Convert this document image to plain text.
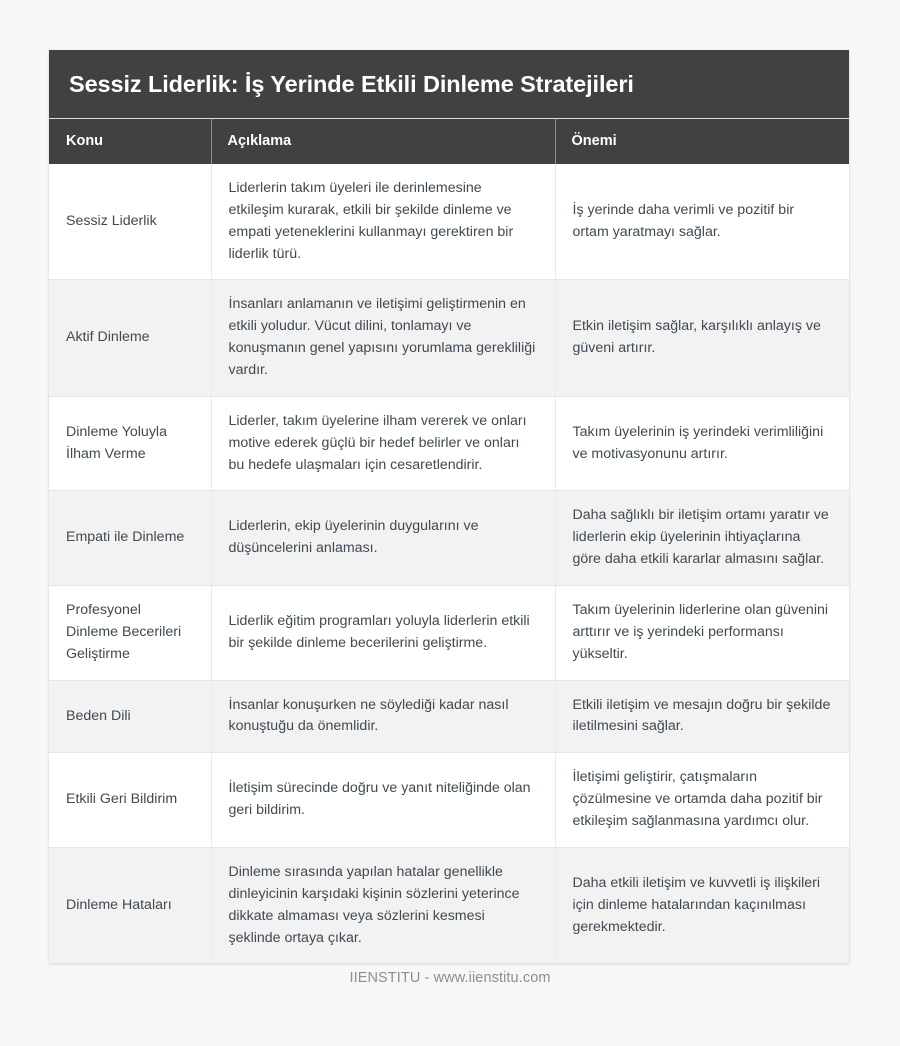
Sessiz Liderlik: İş Yerinde Etkili Dinleme Stratejileri
Konu	Açıklama	Önemi
Sessiz Liderlik	Liderlerin takım üyeleri ile derinlemesine etkileşim kurarak, etkili bir şekilde dinleme ve empati yeteneklerini kullanmayı gerektiren bir liderlik türü.	İş yerinde daha verimli ve pozitif bir ortam yaratmayı sağlar.
Aktif Dinleme	İnsanları anlamanın ve iletişimi geliştirmenin en etkili yoludur. Vücut dilini, tonlamayı ve konuşmanın genel yapısını yorumlama gerekliliği vardır.	Etkin iletişim sağlar, karşılıklı anlayış ve güveni artırır.
Dinleme Yoluyla İlham Verme	Liderler, takım üyelerine ilham vererek ve onları motive ederek güçlü bir hedef belirler ve onları bu hedefe ulaşmaları için cesaretlendirir.	Takım üyelerinin iş yerindeki verimliliğini ve motivasyonunu artırır.
Empati ile Dinleme	Liderlerin, ekip üyelerinin duygularını ve düşüncelerini anlaması.	Daha sağlıklı bir iletişim ortamı yaratır ve liderlerin ekip üyelerinin ihtiyaçlarına göre daha etkili kararlar almasını sağlar.
Profesyonel Dinleme Becerileri Geliştirme	Liderlik eğitim programları yoluyla liderlerin etkili bir şekilde dinleme becerilerini geliştirme.	Takım üyelerinin liderlerine olan güvenini arttırır ve iş yerindeki performansı yükseltir.
Beden Dili	İnsanlar konuşurken ne söylediği kadar nasıl konuştuğu da önemlidir.	Etkili iletişim ve mesajın doğru bir şekilde iletilmesini sağlar.
Etkili Geri Bildirim	İletişim sürecinde doğru ve yanıt niteliğinde olan geri bildirim.	İletişimi geliştirir, çatışmaların çözülmesine ve ortamda daha pozitif bir etkileşim sağlanmasına yardımcı olur.
Dinleme Hataları	Dinleme sırasında yapılan hatalar genellikle dinleyicinin karşıdaki kişinin sözlerini yeterince dikkate almaması veya sözlerini kesmesi şeklinde ortaya çıkar.	Daha etkili iletişim ve kuvvetli iş ilişkileri için dinleme hatalarından kaçınılması gerekmektedir.
IIENSTITU - www.iienstitu.com
